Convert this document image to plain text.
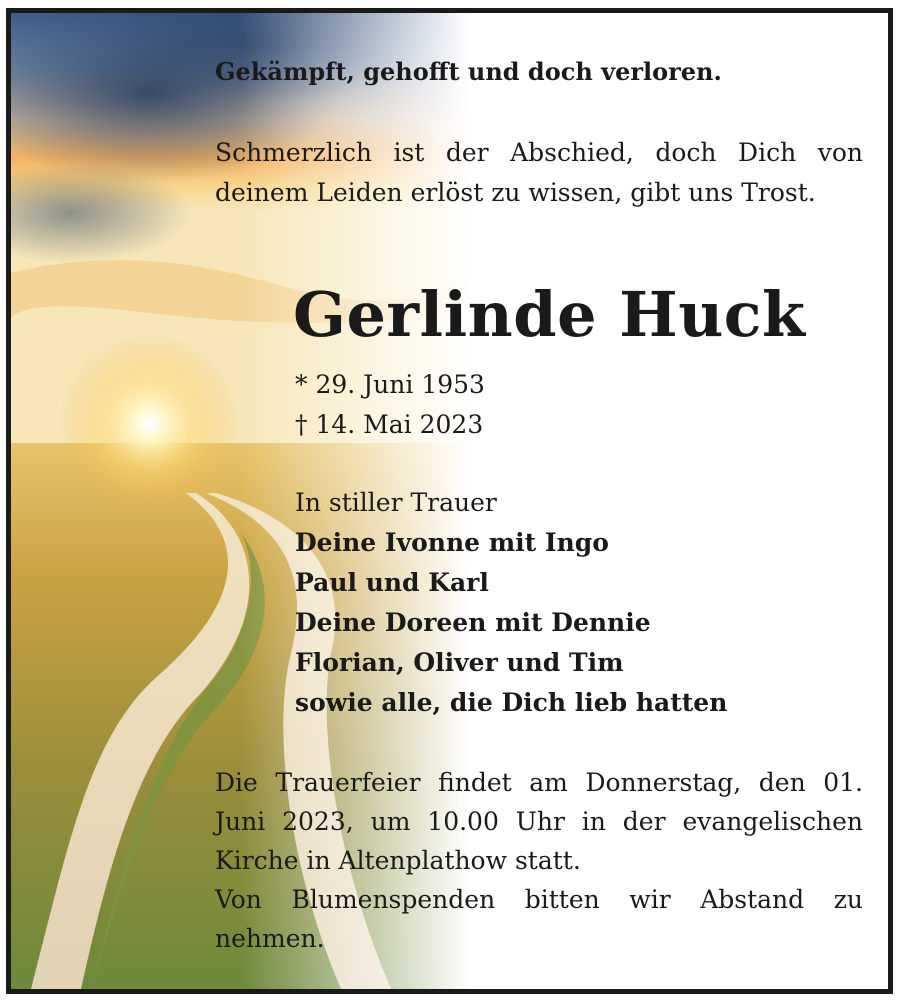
Gekämpft, gehofft und doch verloren.

Schmerzlich ist der Abschied, doch Dich von deinem Leiden erlöst zu wissen, gibt uns Trost.

Gerlinde Huck
* 29. Juni 1953
† 14. Mai 2023
In stiller Trauer
Deine Ivonne mit Ingo
Paul und Karl
Deine Doreen mit Dennie
Florian, Oliver und Tim
sowie alle, die Dich lieb hatten

Die Trauerfeier findet am Donnerstag, den 01. Juni 2023, um 10.00 Uhr in der evangelischen Kirche in Altenplathow statt.

Von Blumenspenden bitten wir Abstand zu nehmen.
